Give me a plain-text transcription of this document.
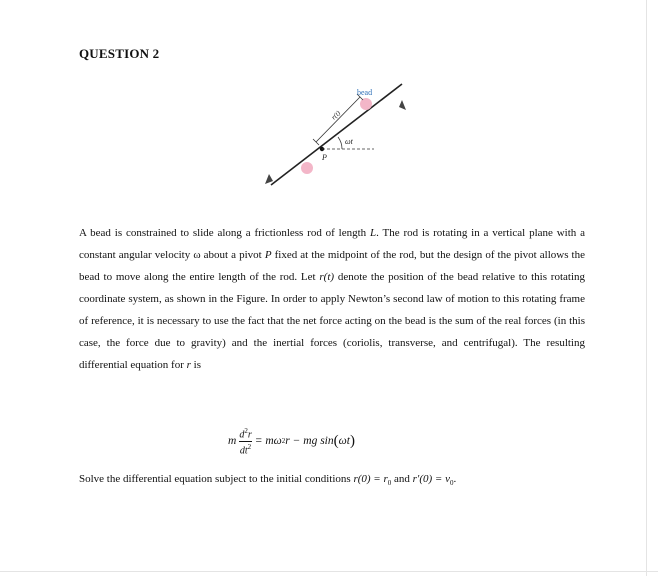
QUESTION 2
bead
r(t)
ωt
P
A bead is constrained to slide along a frictionless rod of length L. The rod is rotating in a vertical plane with a constant angular velocity ω about a pivot P fixed at the midpoint of the rod, but the design of the pivot allows the bead to move along the entire length of the rod. Let r(t) denote the position of the bead relative to this rotating coordinate system, as shown in the Figure. In order to apply Newton’s second law of motion to this rotating frame of reference, it is necessary to use the fact that the net force acting on the bead is the sum of the real forces (in this case, the force due to gravity) and the inertial forces (coriolis, transverse, and centrifugal). The resulting differential equation for r is
m $\frac{d^2r}{dt^2} = m\omega$ 2 r − mg sin ( ωt )
Solve the differential equation subject to the initial conditions $r(0) = r_0$ and $r'(0) = v_0$.
